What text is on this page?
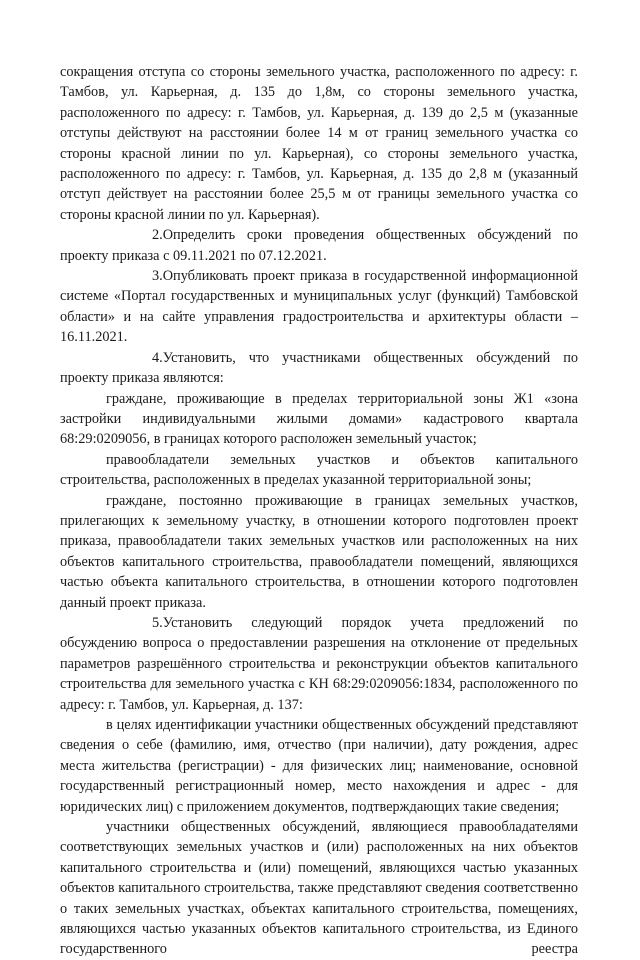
сокращения отступа со стороны земельного участка, расположенного по адресу: г. Тамбов, ул. Карьерная, д. 135 до 1,8м, со стороны земельного участка, расположенного по адресу: г. Тамбов, ул. Карьерная, д. 139 до 2,5 м (указанные отступы действуют на расстоянии более 14 м от границ земельного участка со стороны красной линии по ул. Карьерная), со стороны земельного участка, расположенного по адресу: г. Тамбов, ул. Карьерная, д. 135 до 2,8 м (указанный отступ действует на расстоянии более 25,5 м от границы земельного участка со стороны красной линии по ул. Карьерная).

2.Определить сроки проведения общественных обсуждений по проекту приказа с 09.11.2021 по 07.12.2021.

3.Опубликовать проект приказа в государственной информационной системе «Портал государственных и муниципальных услуг (функций) Тамбовской области» и на сайте управления градостроительства и архитектуры области – 16.11.2021.

4.Установить, что участниками общественных обсуждений по проекту приказа являются:

граждане, проживающие в пределах территориальной зоны Ж1 «зона застройки индивидуальными жилыми домами» кадастрового квартала 68:29:0209056, в границах которого расположен земельный участок;

правообладатели земельных участков и объектов капитального строительства, расположенных в пределах указанной территориальной зоны;

граждане, постоянно проживающие в границах земельных участков, прилегающих к земельному участку, в отношении которого подготовлен проект приказа, правообладатели таких земельных участков или расположенных на них объектов капитального строительства, правообладатели помещений, являющихся частью объекта капитального строительства, в отношении которого подготовлен данный проект приказа.

5.Установить следующий порядок учета предложений по обсуждению вопроса о предоставлении разрешения на отклонение от предельных параметров разрешённого строительства и реконструкции объектов капитального строительства для земельного участка с КН 68:29:0209056:1834, расположенного по адресу: г. Тамбов, ул. Карьерная, д. 137:

в целях идентификации участники общественных обсуждений представляют сведения о себе (фамилию, имя, отчество (при наличии), дату рождения, адрес места жительства (регистрации) - для физических лиц; наименование, основной государственный регистрационный номер, место нахождения и адрес - для юридических лиц) с приложением документов, подтверждающих такие сведения;

участники общественных обсуждений, являющиеся правообладателями соответствующих земельных участков и (или) расположенных на них объектов капитального строительства и (или) помещений, являющихся частью указанных объектов капитального строительства, также представляют сведения соответственно о таких земельных участках, объектах капитального строительства, помещениях, являющихся частью указанных объектов капитального строительства, из Единого государственного реестра
